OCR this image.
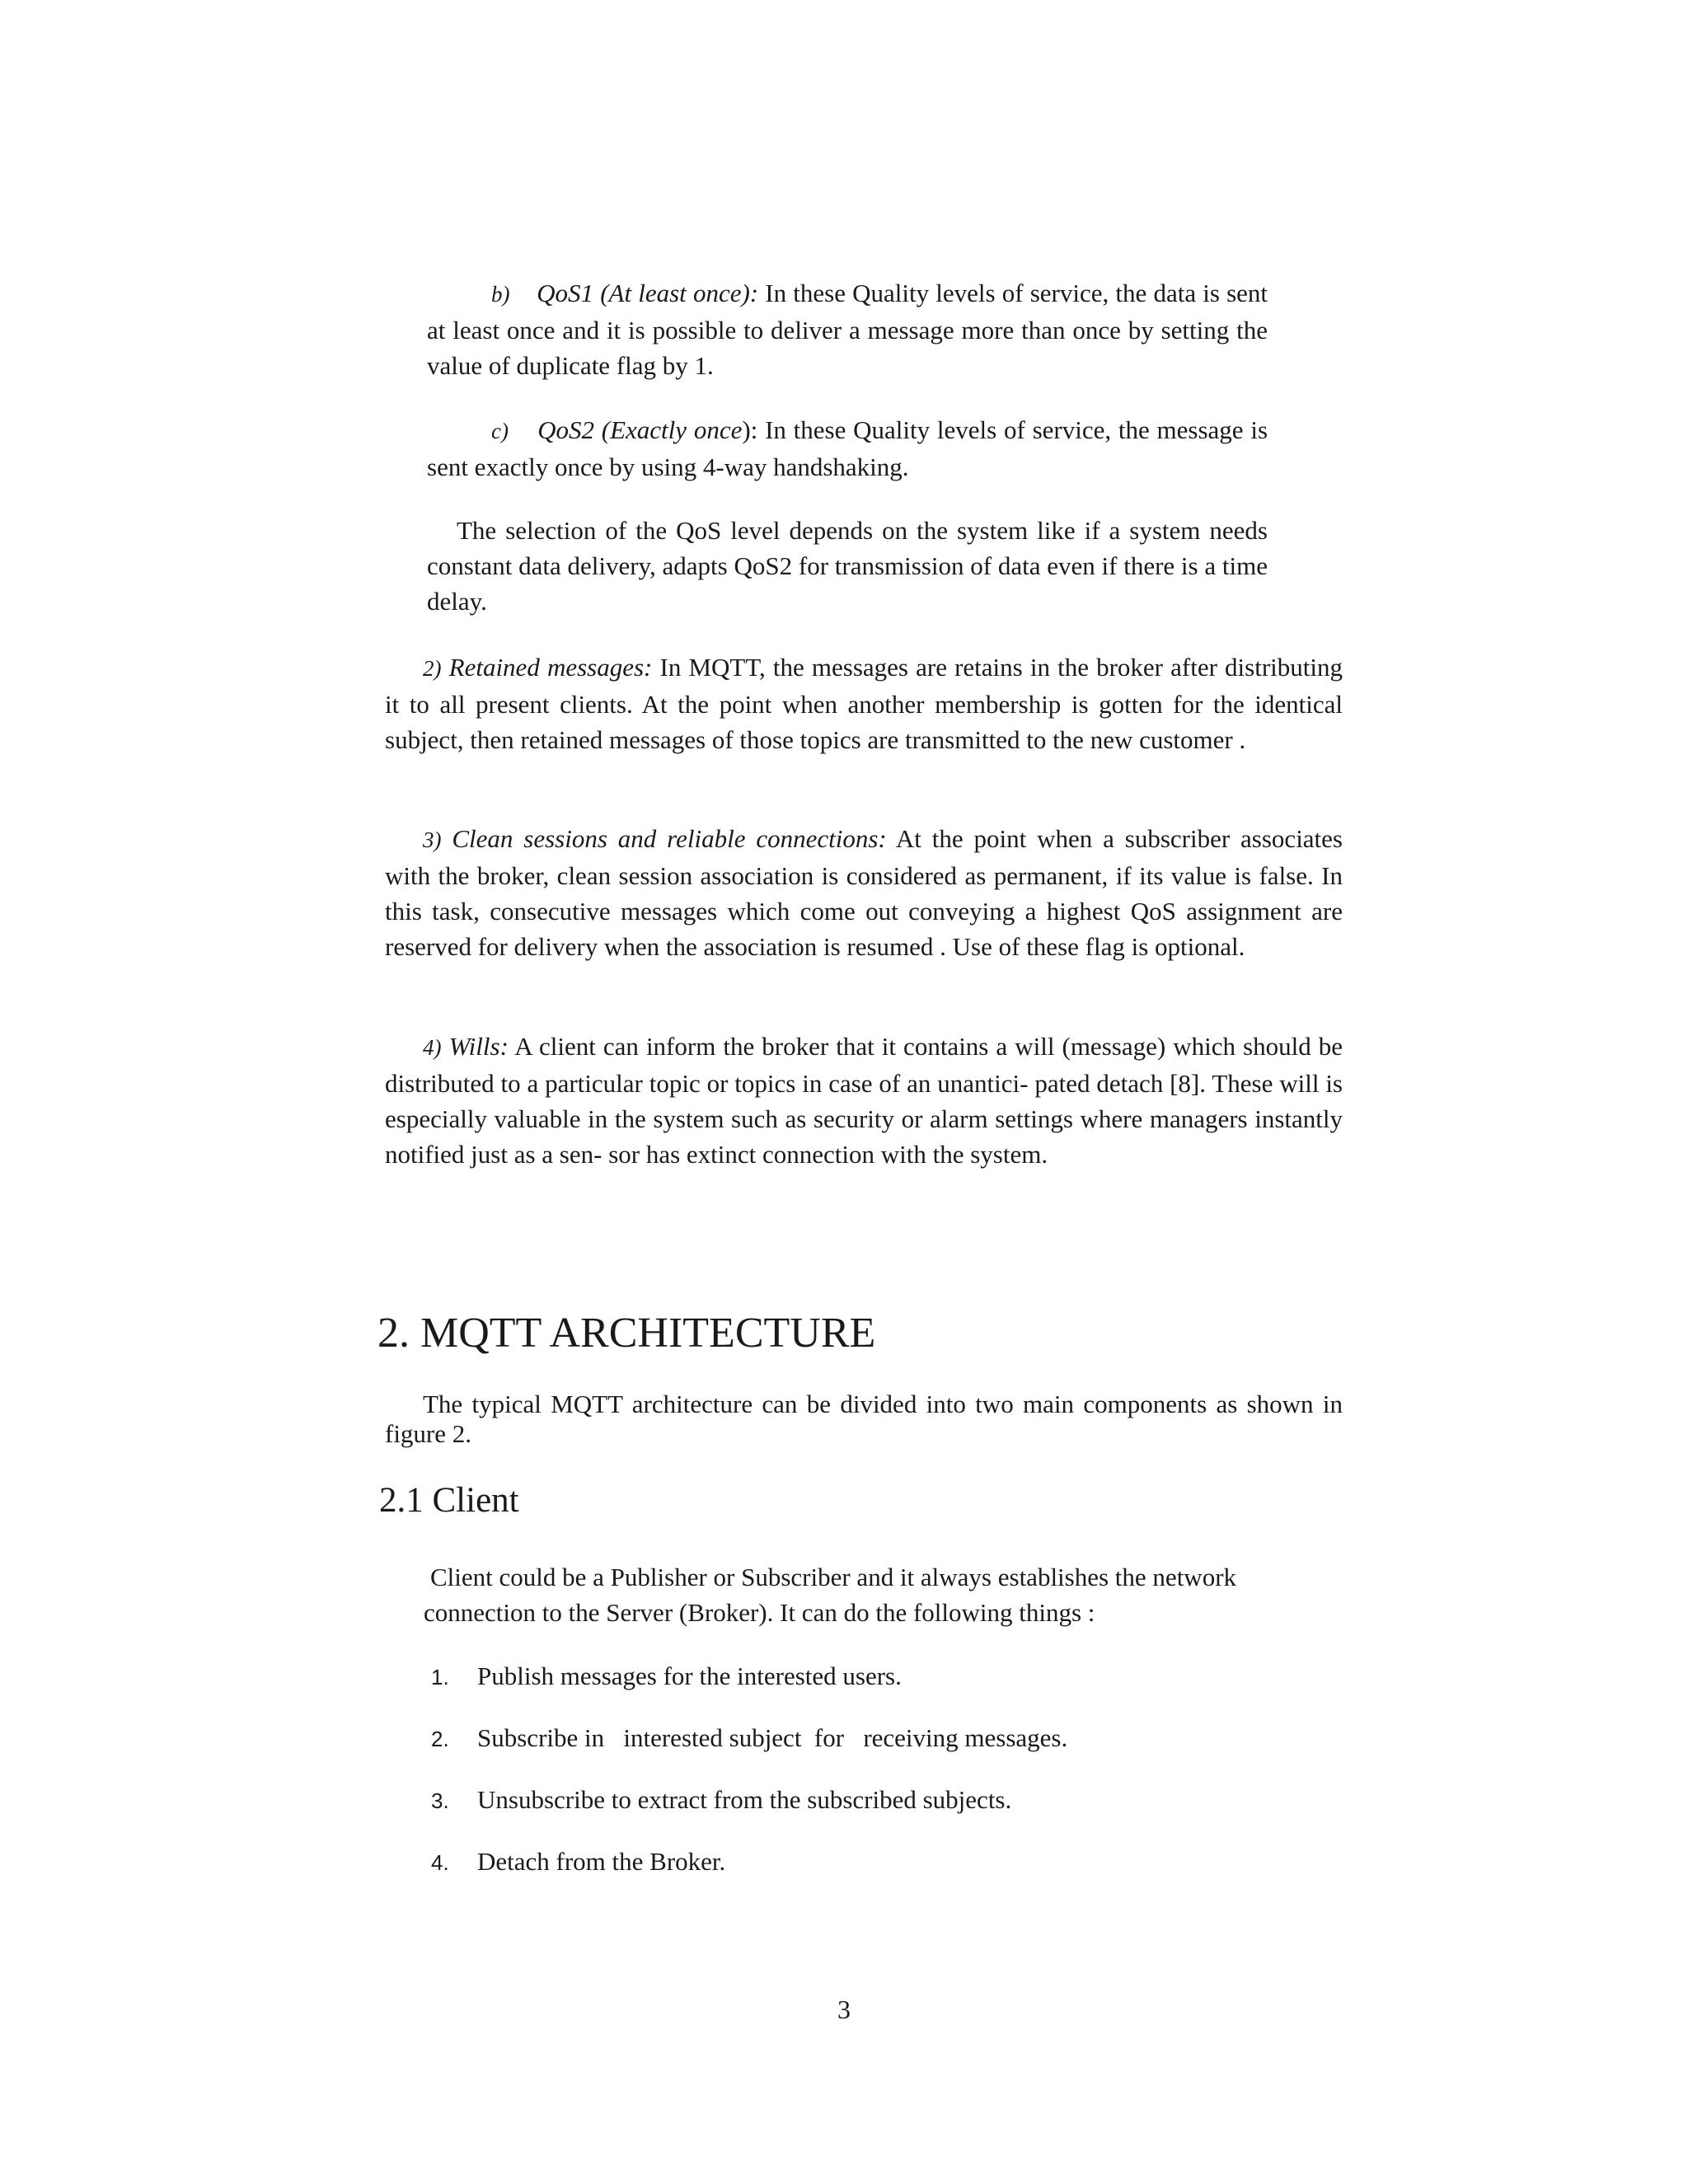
b) QoS1 (At least once): In these Quality levels of service, the data is sent at least once and it is possible to deliver a message more than once by setting the value of duplicate flag by 1.

c) QoS2 (Exactly once): In these Quality levels of service, the message is sent exactly once by using 4-way handshaking.

The selection of the QoS level depends on the system like if a system needs constant data delivery, adapts QoS2 for transmission of data even if there is a time delay.

2) Retained messages: In MQTT, the messages are retains in the broker after distributing it to all present clients. At the point when another membership is gotten for the identical subject, then retained messages of those topics are transmitted to the new customer .

3) Clean sessions and reliable connections: At the point when a subscriber associates with the broker, clean session association is considered as permanent, if its value is false. In this task, consecutive messages which come out conveying a highest QoS assignment are reserved for delivery when the association is resumed . Use of these flag is optional.

4) Wills: A client can inform the broker that it contains a will (message) which should be distributed to a particular topic or topics in case of an unantici- pated detach [8]. These will is especially valuable in the system such as security or alarm settings where managers instantly notified just as a sen- sor has extinct connection with the system.

2. MQTT ARCHITECTURE

The typical MQTT architecture can be divided into two main components as shown in figure 2.

2.1 Client

Client could be a Publisher or Subscriber and it always establishes the network connection to the Server (Broker). It can do the following things :

1. Publish messages for the interested users.
2. Subscribe in   interested subject  for   receiving messages.
3. Unsubscribe to extract from the subscribed subjects.
4. Detach from the Broker.
3
